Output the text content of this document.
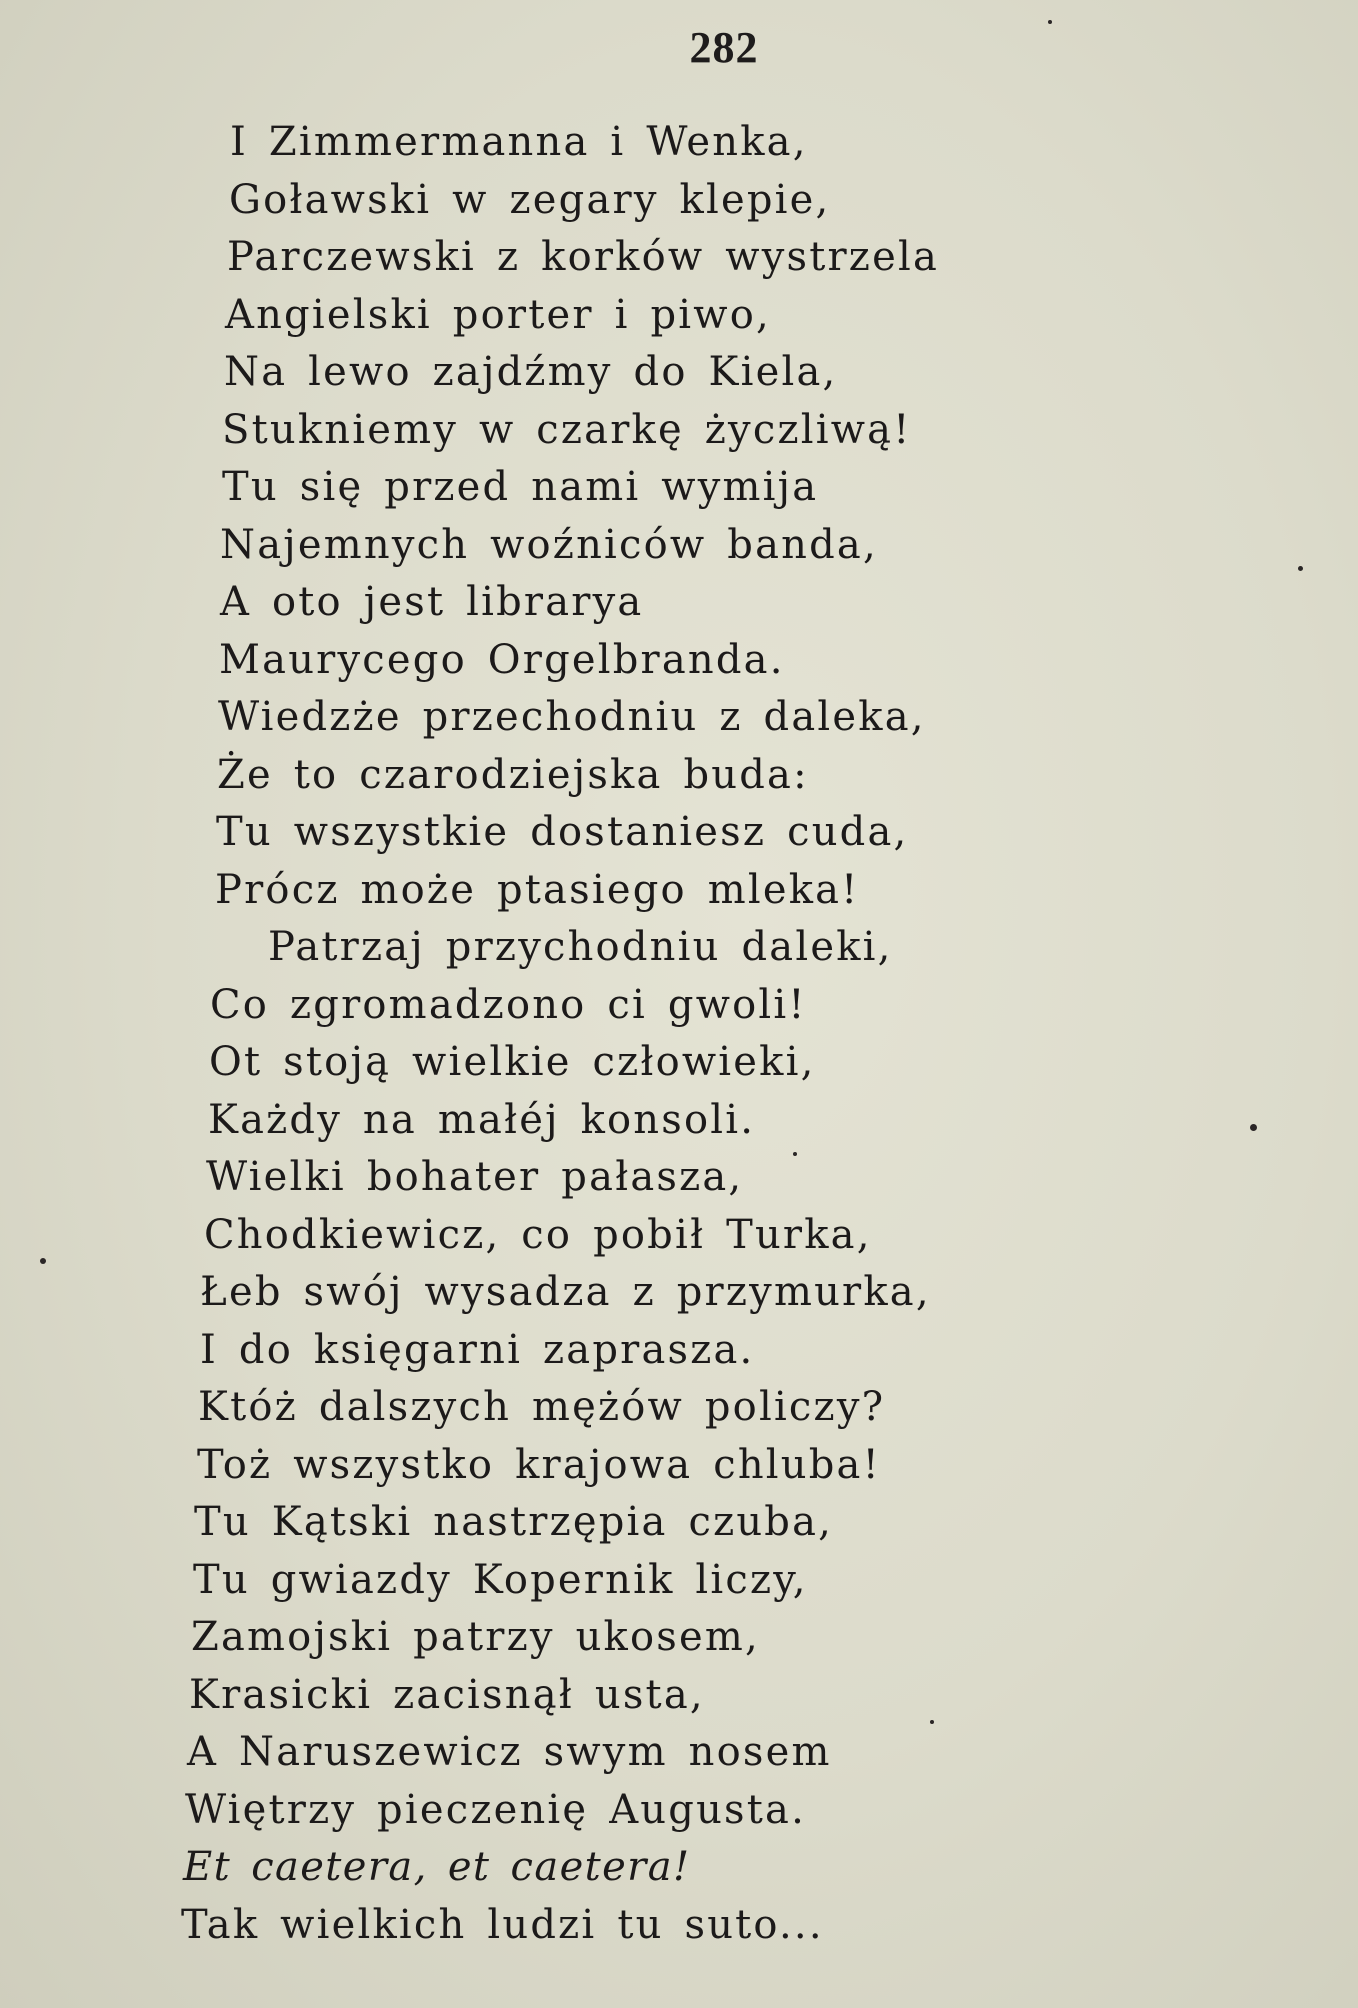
282
I Zimmermanna i Wenka,
Goławski w zegary klepie,
Parczewski z korków wystrzela
Angielski porter i piwo,
Na lewo zajdźmy do Kiela,
Stukniemy w czarkę życzliwą!
Tu się przed nami wymija
Najemnych woźniców banda,
A oto jest librarya
Maurycego Orgelbranda.
Wiedzże przechodniu z daleka,
Że to czarodziejska buda:
Tu wszystkie dostaniesz cuda,
Prócz może ptasiego mleka!
Patrzaj przychodniu daleki,
Co zgromadzono ci gwoli!
Ot stoją wielkie człowieki,
Każdy na małéj konsoli.
Wielki bohater pałasza,
Chodkiewicz, co pobił Turka,
Łeb swój wysadza z przymurka,
I do księgarni zaprasza.
Któż dalszych mężów policzy?
Toż wszystko krajowa chluba!
Tu Kątski nastrzępia czuba,
Tu gwiazdy Kopernik liczy,
Zamojski patrzy ukosem,
Krasicki zacisnął usta,
A Naruszewicz swym nosem
Więtrzy pieczenię Augusta.
Et caetera, et caetera!
Tak wielkich ludzi tu suto...
